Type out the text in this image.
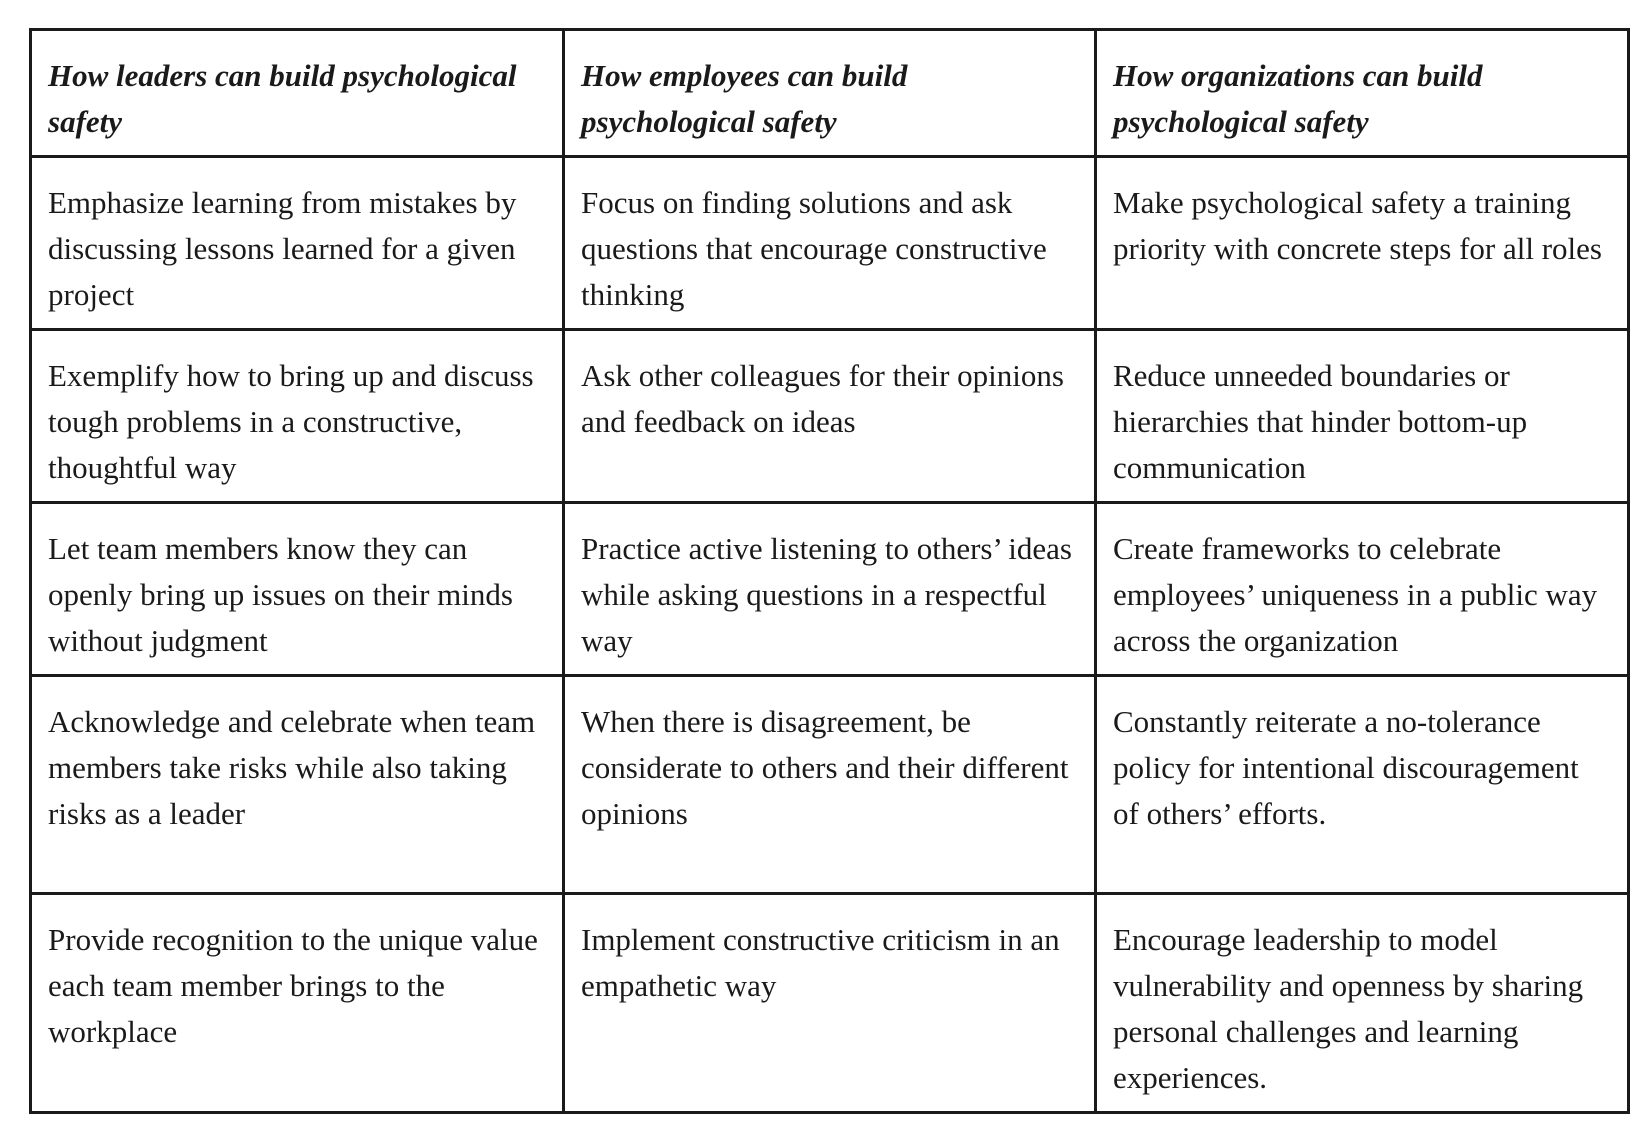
How leaders can build psychological safety	How employees can build psychological safety	How organizations can build psychological safety
Emphasize learning from mistakes by discussing lessons learned for a given project	Focus on finding solutions and ask questions that encourage constructive thinking	Make psychological safety a training priority with concrete steps for all roles
Exemplify how to bring up and discuss tough problems in a constructive, thoughtful way	Ask other colleagues for their opinions and feedback on ideas	Reduce unneeded boundaries or hierarchies that hinder bottom-up communication
Let team members know they can openly bring up issues on their minds without judgment	Practice active listening to others’ ideas while asking questions in a respectful way	Create frameworks to celebrate employees’ uniqueness in a public way across the organization
Acknowledge and celebrate when team members take risks while also taking risks as a leader	When there is disagreement, be considerate to others and their different opinions	Constantly reiterate a no-tolerance policy for intentional discouragement of others’ efforts.
Provide recognition to the unique value each team member brings to the workplace	Implement constructive criticism in an empathetic way	Encourage leadership to model vulnerability and openness by sharing personal challenges and learning experiences.
